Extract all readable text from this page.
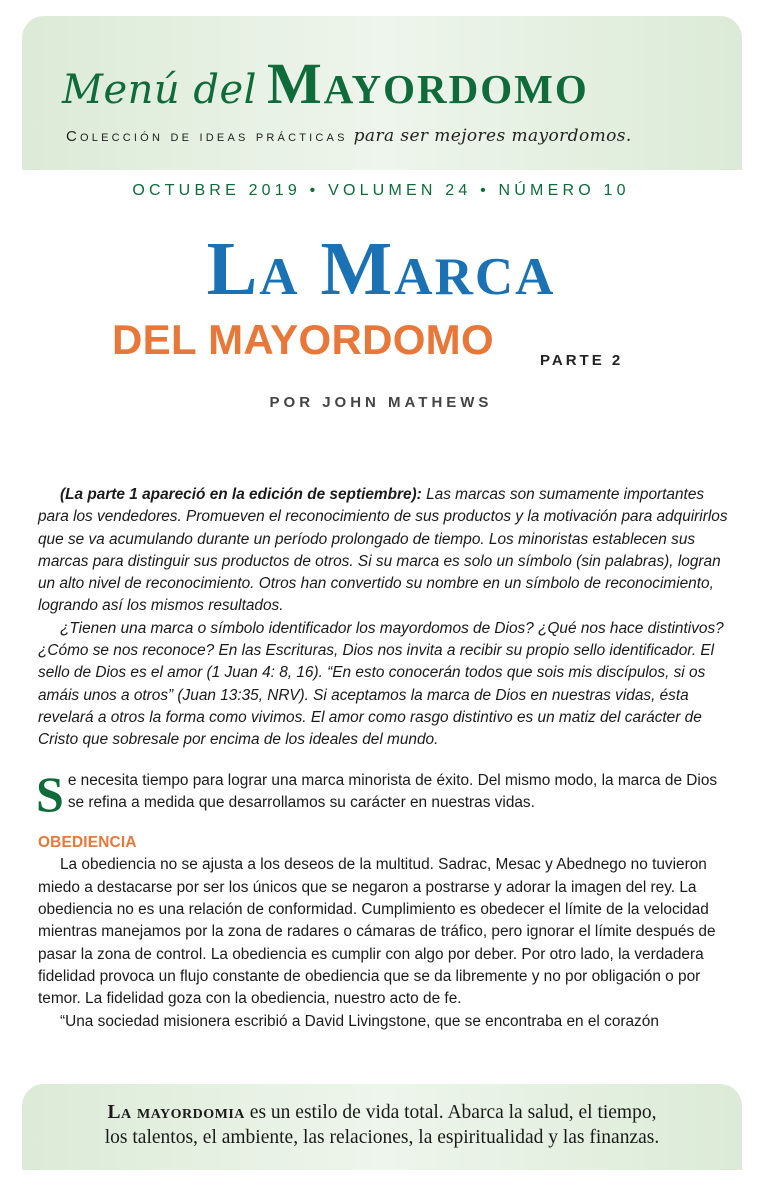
Menú del Mayordomo
Colección de ideas prácticas para ser mejores mayordomos.
OCTUBRE 2019 • VOLUMEN 24 • NÚMERO 10
La Marca
DEL MAYORDOMO	PARTE 2
POR JOHN MATHEWS

(La parte 1 apareció en la edición de septiembre): Las marcas son sumamente importantes para los vendedores. Promueven el reconocimiento de sus productos y la motivación para adquirirlos que se va acumulando durante un período prolongado de tiempo. Los minoristas establecen sus marcas para distinguir sus productos de otros. Si su marca es solo un símbolo (sin palabras), logran un alto nivel de reconocimiento. Otros han convertido su nombre en un símbolo de reconocimiento, logrando así los mismos resultados.

¿Tienen una marca o símbolo identificador los mayordomos de Dios? ¿Qué nos hace distintivos? ¿Cómo se nos reconoce? En las Escrituras, Dios nos invita a recibir su propio sello identificador. El sello de Dios es el amor (1 Juan 4: 8, 16). “En esto conocerán todos que sois mis discípulos, si os amáis unos a otros” (Juan 13:35, NRV). Si aceptamos la marca de Dios en nuestras vidas, ésta revelará a otros la forma como vivimos. El amor como rasgo distintivo es un matiz del carácter de Cristo que sobresale por encima de los ideales del mundo.

Se necesita tiempo para lograr una marca minorista de éxito. Del mismo modo, la marca de Dios se refina a medida que desarrollamos su carácter en nuestras vidas.

OBEDIENCIA

La obediencia no se ajusta a los deseos de la multitud. Sadrac, Mesac y Abednego no tuvieron miedo a destacarse por ser los únicos que se negaron a postrarse y adorar la imagen del rey. La obediencia no es una relación de conformidad. Cumplimiento es obedecer el límite de la velocidad mientras manejamos por la zona de radares o cámaras de tráfico, pero ignorar el límite después de pasar la zona de control. La obediencia es cumplir con algo por deber. Por otro lado, la verdadera fidelidad provoca un flujo constante de obediencia que se da libremente y no por obligación o por temor. La fidelidad goza con la obediencia, nuestro acto de fe.

“Una sociedad misionera escribió a David Livingstone, que se encontraba en el corazón

La mayordomia es un estilo de vida total. Abarca la salud, el tiempo,
los talentos, el ambiente, las relaciones, la espiritualidad y las finanzas.
